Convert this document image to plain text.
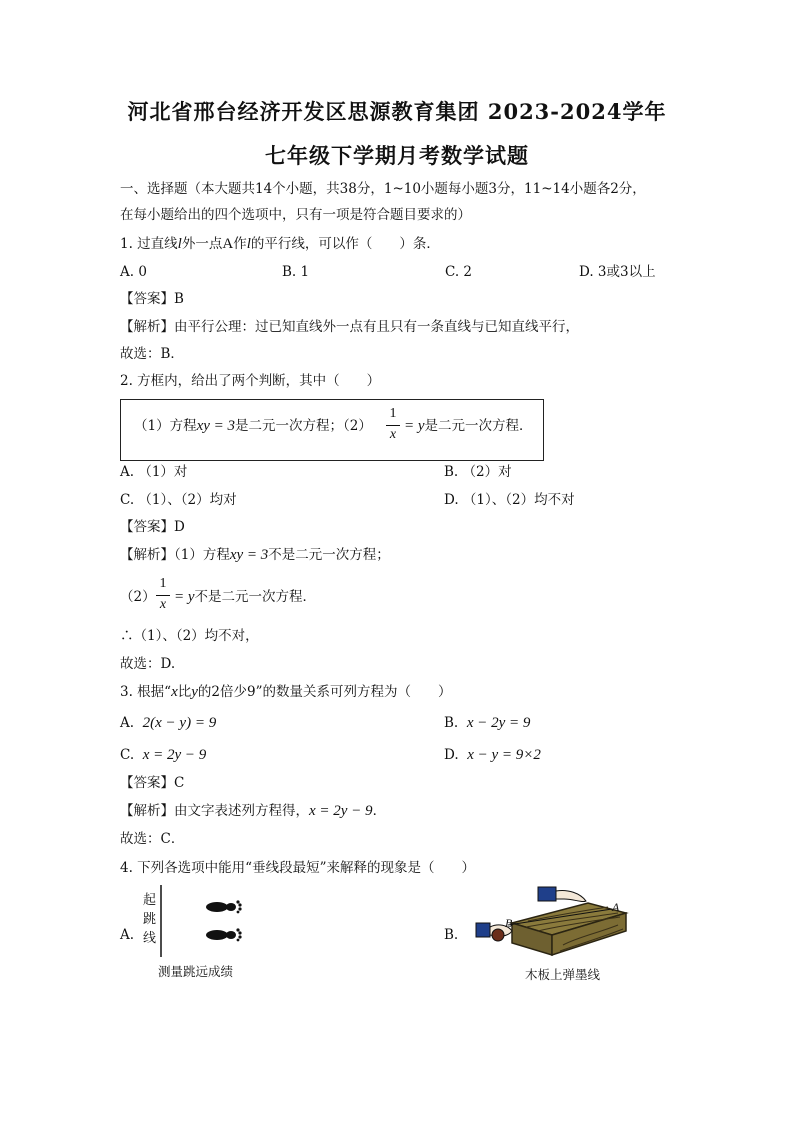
河北省邢台经济开发区思源教育集团 2023-2024学年
七年级下学期月考数学试题
一、选择题（本大题共14个小题，共38分，1~10小题每小题3分，11~14小题各2分，
在每小题给出的四个选项中，只有一项是符合题目要求的）
1. 过直线l外一点A作l的平行线，可以作（　　）条．
A. 0	B. 1	C. 2	D. 3或3以上
【答案】B
【解析】由平行公理：过已知直线外一点有且只有一条直线与已知直线平行，
故选：B．
2. 方框内，给出了两个判断，其中（　　）
（1）方程xy = 3是二元一次方程；（2）
1
x
= y是二元一次方程．
A. （1）对	B. （2）对
C. （1）、（2）均对	D. （1）、（2）均不对
【答案】D
【解析】（1）方程xy = 3不是二元一次方程；
（2）
1
x = y不是二元一次方程．
∴（1）、（2）均不对，
故选：D.
3. 根据“x比y的2倍少9”的数量关系可列方程为（　　）
A. 2(x − y) = 9	B. x − 2y = 9
C. x = 2y − 9	D. x − y = 9×2
【答案】C
【解析】由文字表述列方程得，x = 2y − 9．
故选：C．
4. 下列各选项中能用“垂线段最短”来解释的现象是（　　）
A.
起
跳
线
测量跳远成绩
B.
A
B
木板上弹墨线
